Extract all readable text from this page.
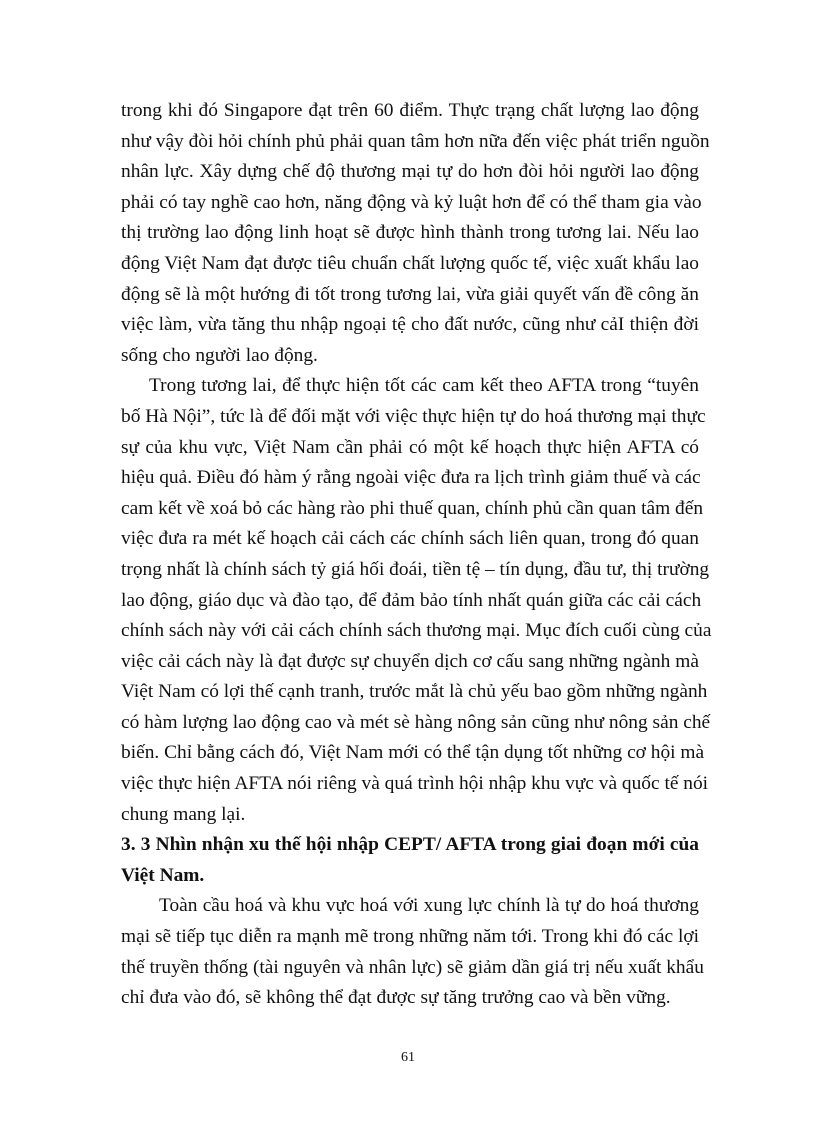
trong khi đó Singapore đạt trên 60 điểm. Thực trạng chất lượng lao động
như vậy đòi hỏi chính phủ phải quan tâm hơn nữa đến việc phát triển nguồn
nhân lực. Xây dựng chế độ thương mại tự do hơn đòi hỏi người lao động
phải có tay nghề cao hơn, năng động và kỷ luật hơn để có thể tham gia vào
thị trường lao động linh hoạt sẽ được hình thành trong tương lai. Nếu lao
động Việt Nam đạt được tiêu chuẩn chất lượng quốc tế, việc xuất khẩu lao
động sẽ là một hướng đi tốt trong tương lai, vừa giải quyết vấn đề công ăn
việc làm, vừa tăng thu nhập ngoại tệ cho đất nước, cũng như cảI thiện đời
sống cho người lao động.
Trong tương lai, để thực hiện tốt các cam kết theo AFTA trong “tuyên
bố Hà Nội”, tức là để đối mặt với việc thực hiện tự do hoá thương mại thực
sự của khu vực, Việt Nam cần phải có một kế hoạch thực hiện AFTA có
hiệu quả. Điều đó hàm ý rằng ngoài việc đưa ra lịch trình giảm thuế và các
cam kết về xoá bỏ các hàng rào phi thuế quan, chính phủ cần quan tâm đến
việc đưa ra mét kế hoạch cải cách các chính sách liên quan, trong đó quan
trọng nhất là chính sách tỷ giá hối đoái, tiền tệ – tín dụng, đầu tư, thị trường
lao động, giáo dục và đào tạo, để đảm bảo tính nhất quán giữa các cải cách
chính sách này với cải cách chính sách thương mại. Mục đích cuối cùng của
việc cải cách này là đạt được sự chuyển dịch cơ cấu sang những ngành mà
Việt Nam có lợi thế cạnh tranh, trước mắt là chủ yếu bao gồm những ngành
có hàm lượng lao động cao và mét sè hàng nông sản cũng như nông sản chế
biến. Chỉ bằng cách đó, Việt Nam mới có thể tận dụng tốt những cơ hội mà
việc thực hiện AFTA nói riêng và quá trình hội nhập khu vực và quốc tế nói
chung mang lại.
3. 3 Nhìn nhận xu thế hội nhập CEPT/ AFTA trong giai đoạn mới của
Việt Nam.
Toàn cầu hoá và khu vực hoá với xung lực chính là tự do hoá thương
mại sẽ tiếp tục diễn ra mạnh mẽ trong những năm tới. Trong khi đó các lợi
thế truyền thống (tài nguyên và nhân lực) sẽ giảm dần giá trị nếu xuất khẩu
chỉ đưa vào đó, sẽ không thể đạt được sự tăng trưởng cao và bền vững.
61
